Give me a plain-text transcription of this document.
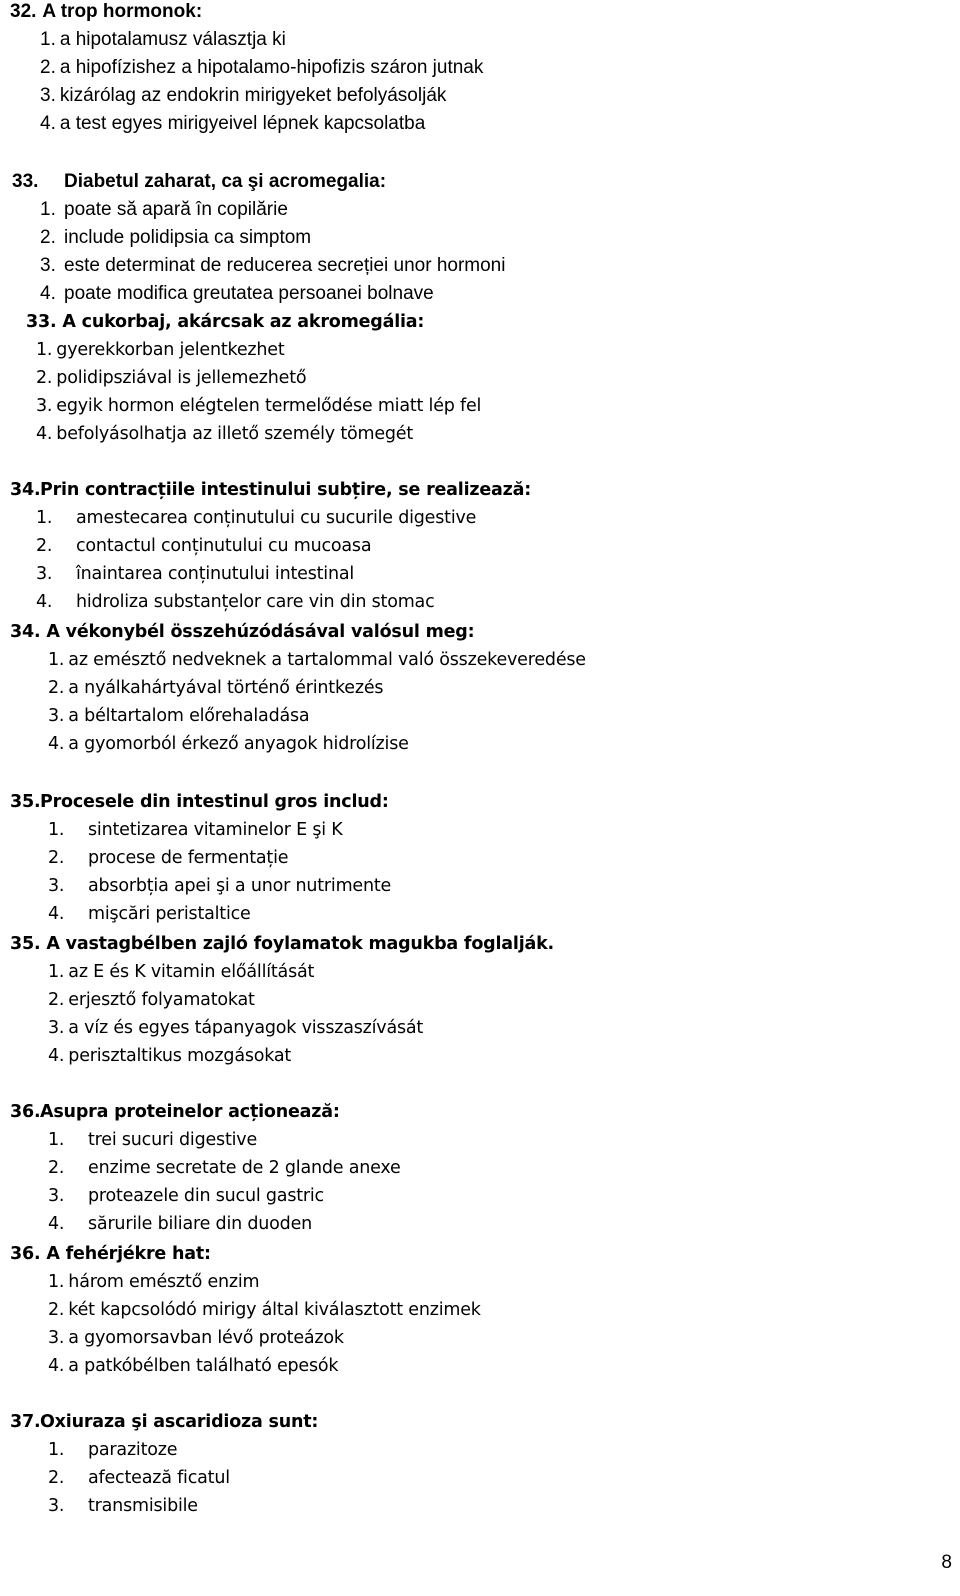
32. A trop hormonok:
1. a hipotalamusz választja ki
2. a hipofízishez a hipotalamo-hipofizis száron jutnak
3. kizárólag az endokrin mirigyeket befolyásolják
4. a test egyes mirigyeivel lépnek kapcsolatba
33. Diabetul zaharat, ca şi acromegalia:
1. poate să apară în copilărie
2. include polidipsia ca simptom
3. este determinat de reducerea secreției unor hormoni
4. poate modifica greutatea persoanei bolnave
33. A cukorbaj, akárcsak az akromegália:
1. gyerekkorban jelentkezhet
2. polidipsziával is jellemezhető
3. egyik hormon elégtelen termelődése miatt lép fel
4. befolyásolhatja az illető személy tömegét
34.Prin contracțiile intestinului subțire, se realizează:
1. amestecarea conținutului cu sucurile digestive
2. contactul conținutului cu mucoasa
3. înaintarea conținutului intestinal
4. hidroliza substanțelor care vin din stomac
34. A vékonybél összehúzódásával valósul meg:
1. az emésztő nedveknek a tartalommal való összekeveredése
2. a nyálkahártyával történő érintkezés
3. a béltartalom előrehaladása
4. a gyomorból érkező anyagok hidrolízise
35.Procesele din intestinul gros includ:
1. sintetizarea vitaminelor E şi K
2. procese de fermentație
3. absorbția apei şi a unor nutrimente
4. mişcări peristaltice
35. A vastagbélben zajló foylamatok magukba foglalják.
1. az E és K vitamin előállítását
2. erjesztő folyamatokat
3. a víz és egyes tápanyagok visszaszívását
4. perisztaltikus mozgásokat
36.Asupra proteinelor acționează:
1. trei sucuri digestive
2. enzime secretate de 2 glande anexe
3. proteazele din sucul gastric
4. sărurile biliare din duoden
36. A fehérjékre hat:
1. három emésztő enzim
2. két kapcsolódó mirigy által kiválasztott enzimek
3. a gyomorsavban lévő proteázok
4. a patkóbélben található epesók
37.Oxiuraza şi ascaridioza sunt:
1. parazitoze
2. afectează ficatul
3. transmisibile
8
